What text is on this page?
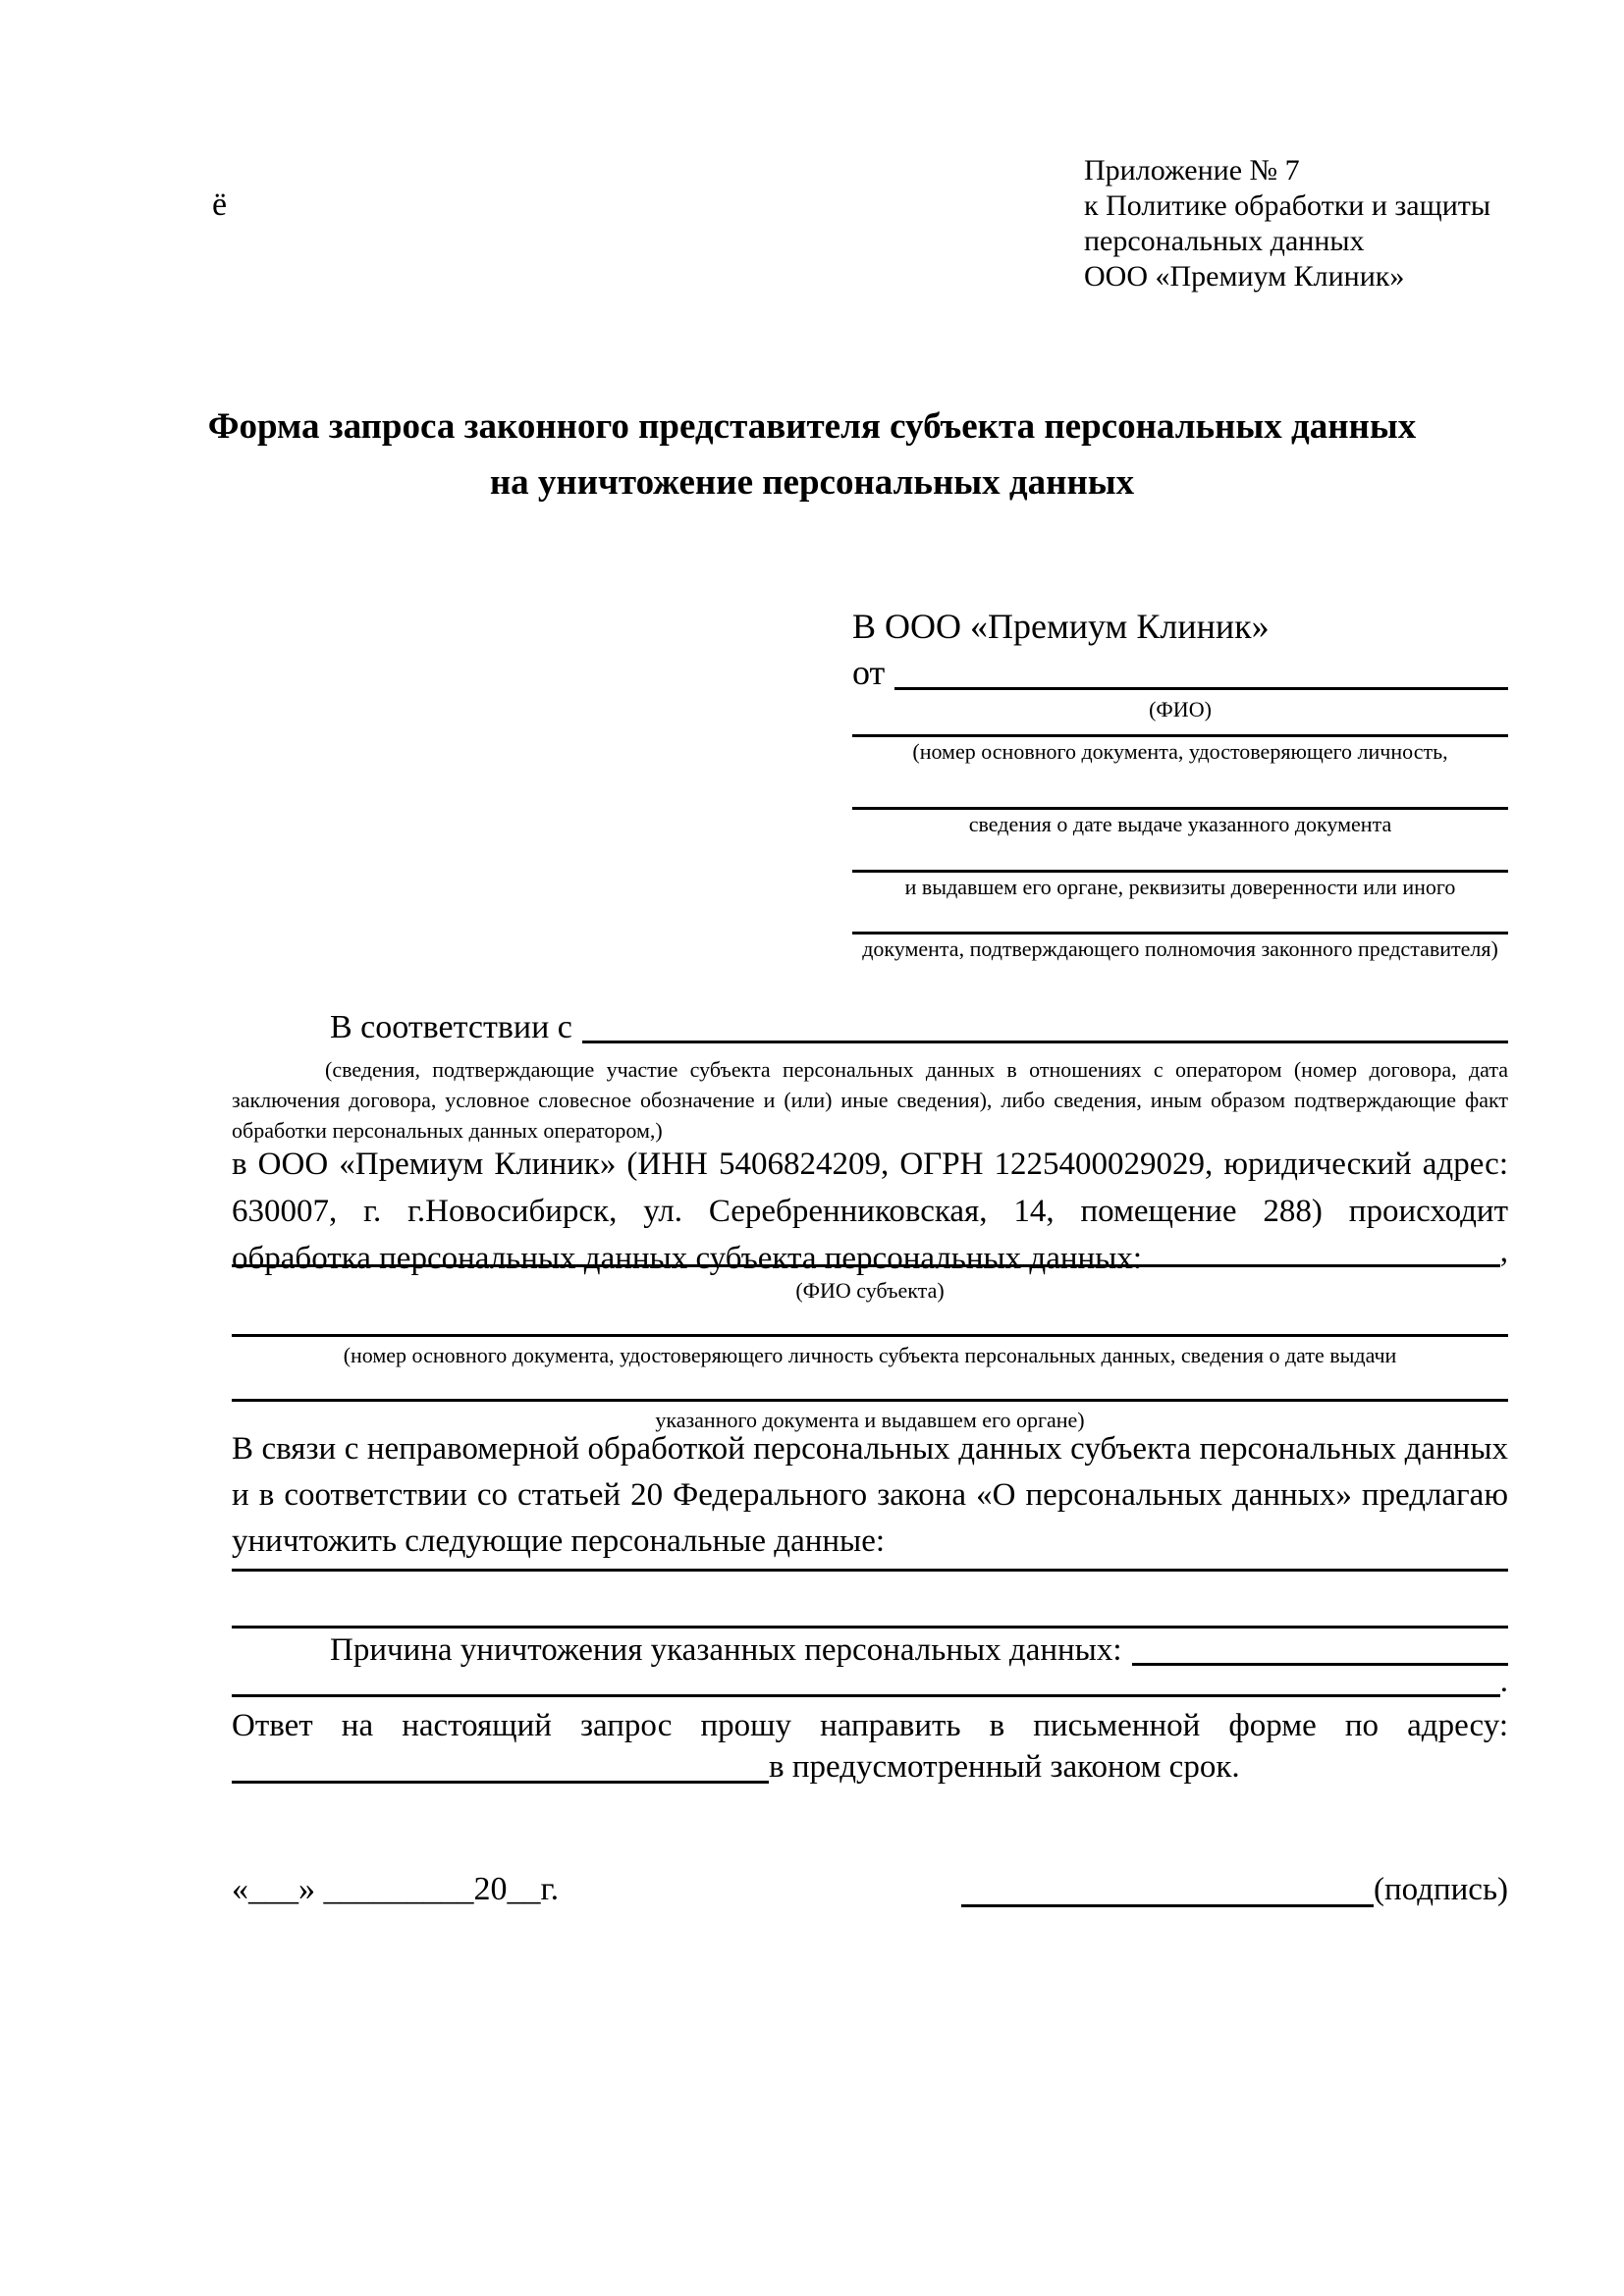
ё
Приложение № 7
к Политике обработки и защиты
персональных данных
ООО «Премиум Клиник»
Форма запроса законного представителя субъекта персональных данных
на уничтожение персональных данных
В ООО «Премиум Клиник»
от
(ФИО)
(номер основного документа, удостоверяющего личность,
сведения о дате выдаче указанного документа
и выдавшем его органе, реквизиты доверенности или иного
документа, подтверждающего полномочия законного представителя)
В соответствии с
(сведения, подтверждающие участие субъекта персональных данных в отношениях с оператором (номер договора, дата заключения договора, условное словесное обозначение и (или) иные сведения), либо сведения, иным образом подтверждающие факт обработки персональных данных оператором,)
в ООО «Премиум Клиник» (ИНН 5406824209, ОГРН 1225400029029, юридический адрес: 630007, г. г.Новосибирск, ул. Серебренниковская, 14, помещение 288) происходит обработка персональных данных субъекта персональных данных:	,
(ФИО субъекта)
(номер основного документа, удостоверяющего личность субъекта персональных данных, сведения о дате выдачи
указанного документа и выдавшем его органе)
В связи с неправомерной обработкой персональных данных субъекта персональных данных и в соответствии со статьей 20 Федерального закона «О персональных данных» предлагаю уничтожить следующие персональные данные:
Причина уничтожения указанных персональных данных:
.
Ответ на настоящий запрос прошу направить в письменной форме по адресу:
в предусмотренный законом срок.
«___» _________20__г.	(подпись)
